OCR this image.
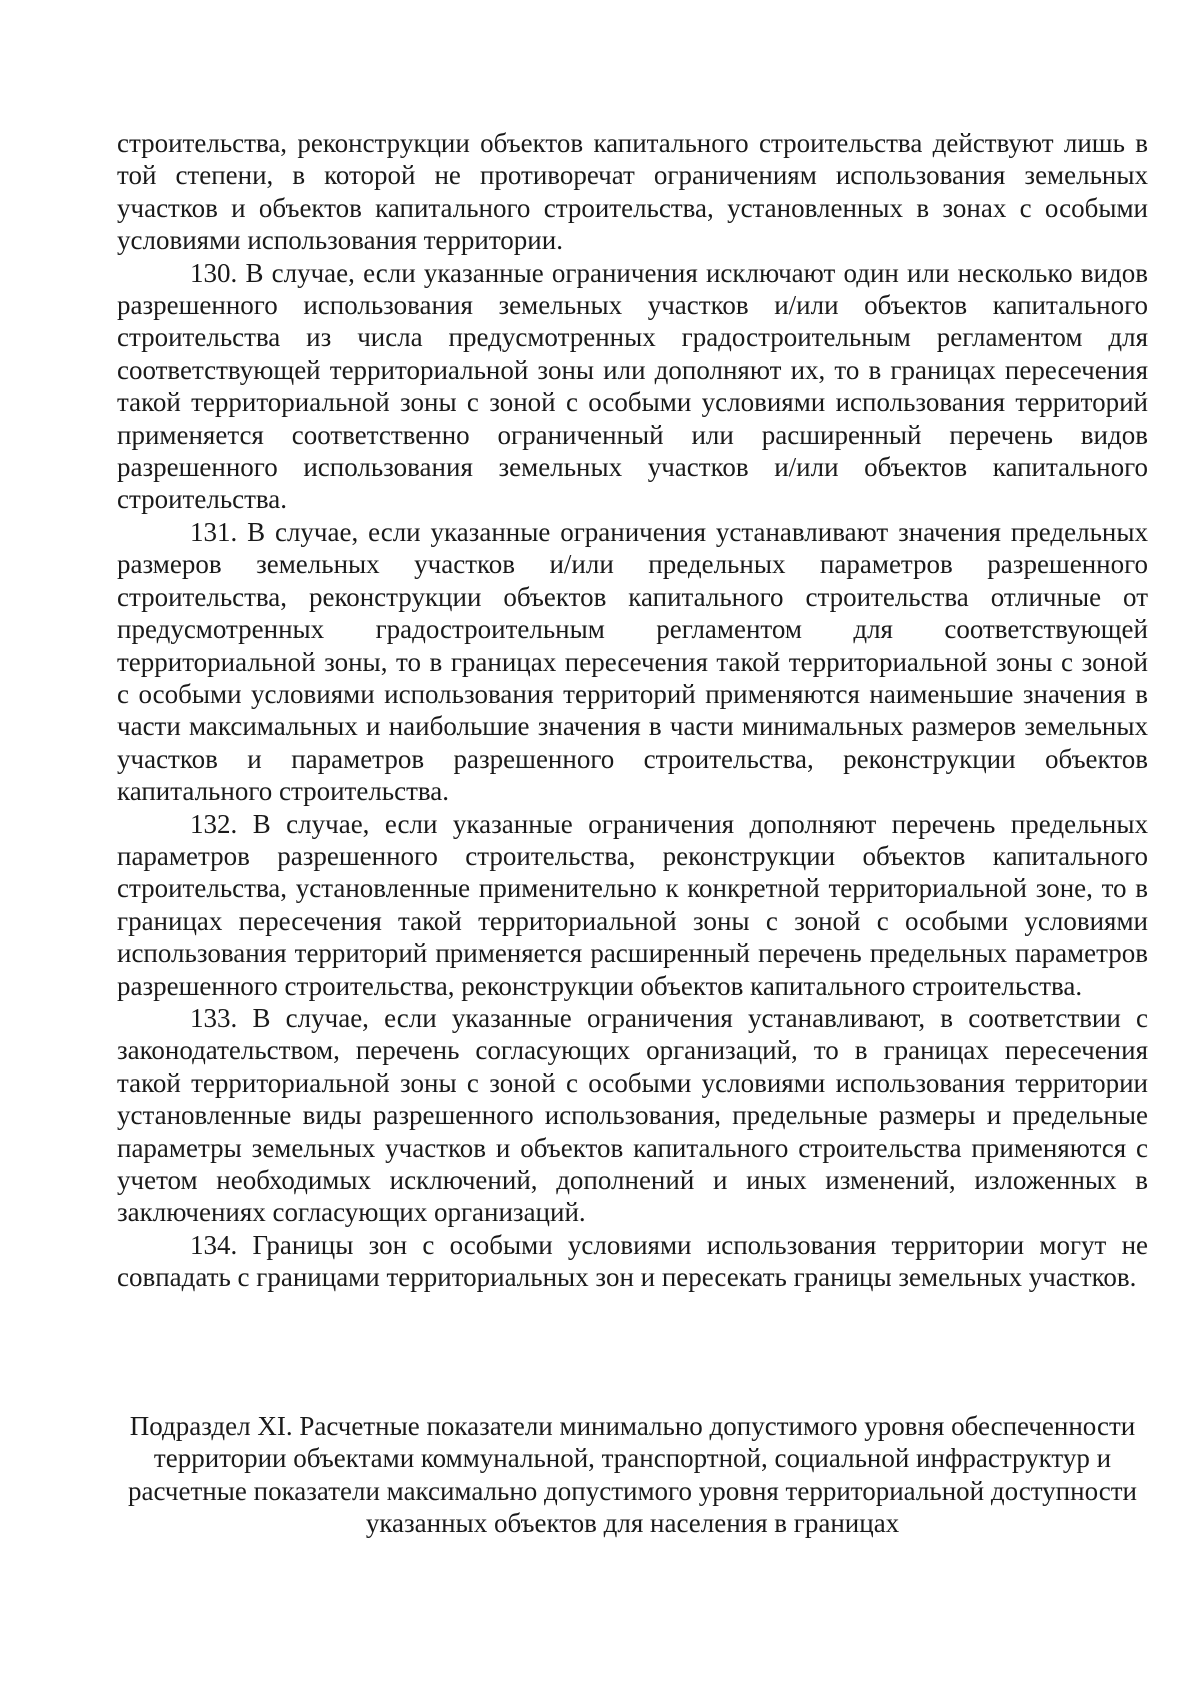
строительства, реконструкции объектов капитального строительства действуют лишь в той степени, в которой не противоречат ограничениям использования земельных участков и объектов капитального строительства, установленных в зонах с особыми условиями использования территории.

130. В случае, если указанные ограничения исключают один или несколько видов разрешенного использования земельных участков и/или объектов капитального строительства из числа предусмотренных градостроительным регламентом для соответствующей территориальной зоны или дополняют их, то в границах пересечения такой территориальной зоны с зоной с особыми условиями использования территорий применяется соответственно ограниченный или расширенный перечень видов разрешенного использования земельных участков и/или объектов капитального строительства.

131. В случае, если указанные ограничения устанавливают значения предельных размеров земельных участков и/или предельных параметров разрешенного строительства, реконструкции объектов капитального строительства отличные от предусмотренных градостроительным регламентом для соответствующей территориальной зоны, то в границах пересечения такой территориальной зоны с зоной с особыми условиями использования территорий применяются наименьшие значения в части максимальных и наибольшие значения в части минимальных размеров земельных участков и параметров разрешенного строительства, реконструкции объектов капитального строительства.

132. В случае, если указанные ограничения дополняют перечень предельных параметров разрешенного строительства, реконструкции объектов капитального строительства, установленные применительно к конкретной территориальной зоне, то в границах пересечения такой территориальной зоны с зоной с особыми условиями использования территорий применяется расширенный перечень предельных параметров разрешенного строительства, реконструкции объектов капитального строительства.

133. В случае, если указанные ограничения устанавливают, в соответствии с законодательством, перечень согласующих организаций, то в границах пересечения такой территориальной зоны с зоной с особыми условиями использования территории установленные виды разрешенного использования, предельные размеры и предельные параметры земельных участков и объектов капитального строительства применяются с учетом необходимых исключений, дополнений и иных изменений, изложенных в заключениях согласующих организаций.

134. Границы зон с особыми условиями использования территории могут не совпадать с границами территориальных зон и пересекать границы земельных участков.

Подраздел XI. Расчетные показатели минимально допустимого уровня обеспеченности территории объектами коммунальной, транспортной, социальной инфраструктур и расчетные показатели максимально допустимого уровня территориальной доступности указанных объектов для населения в границах
